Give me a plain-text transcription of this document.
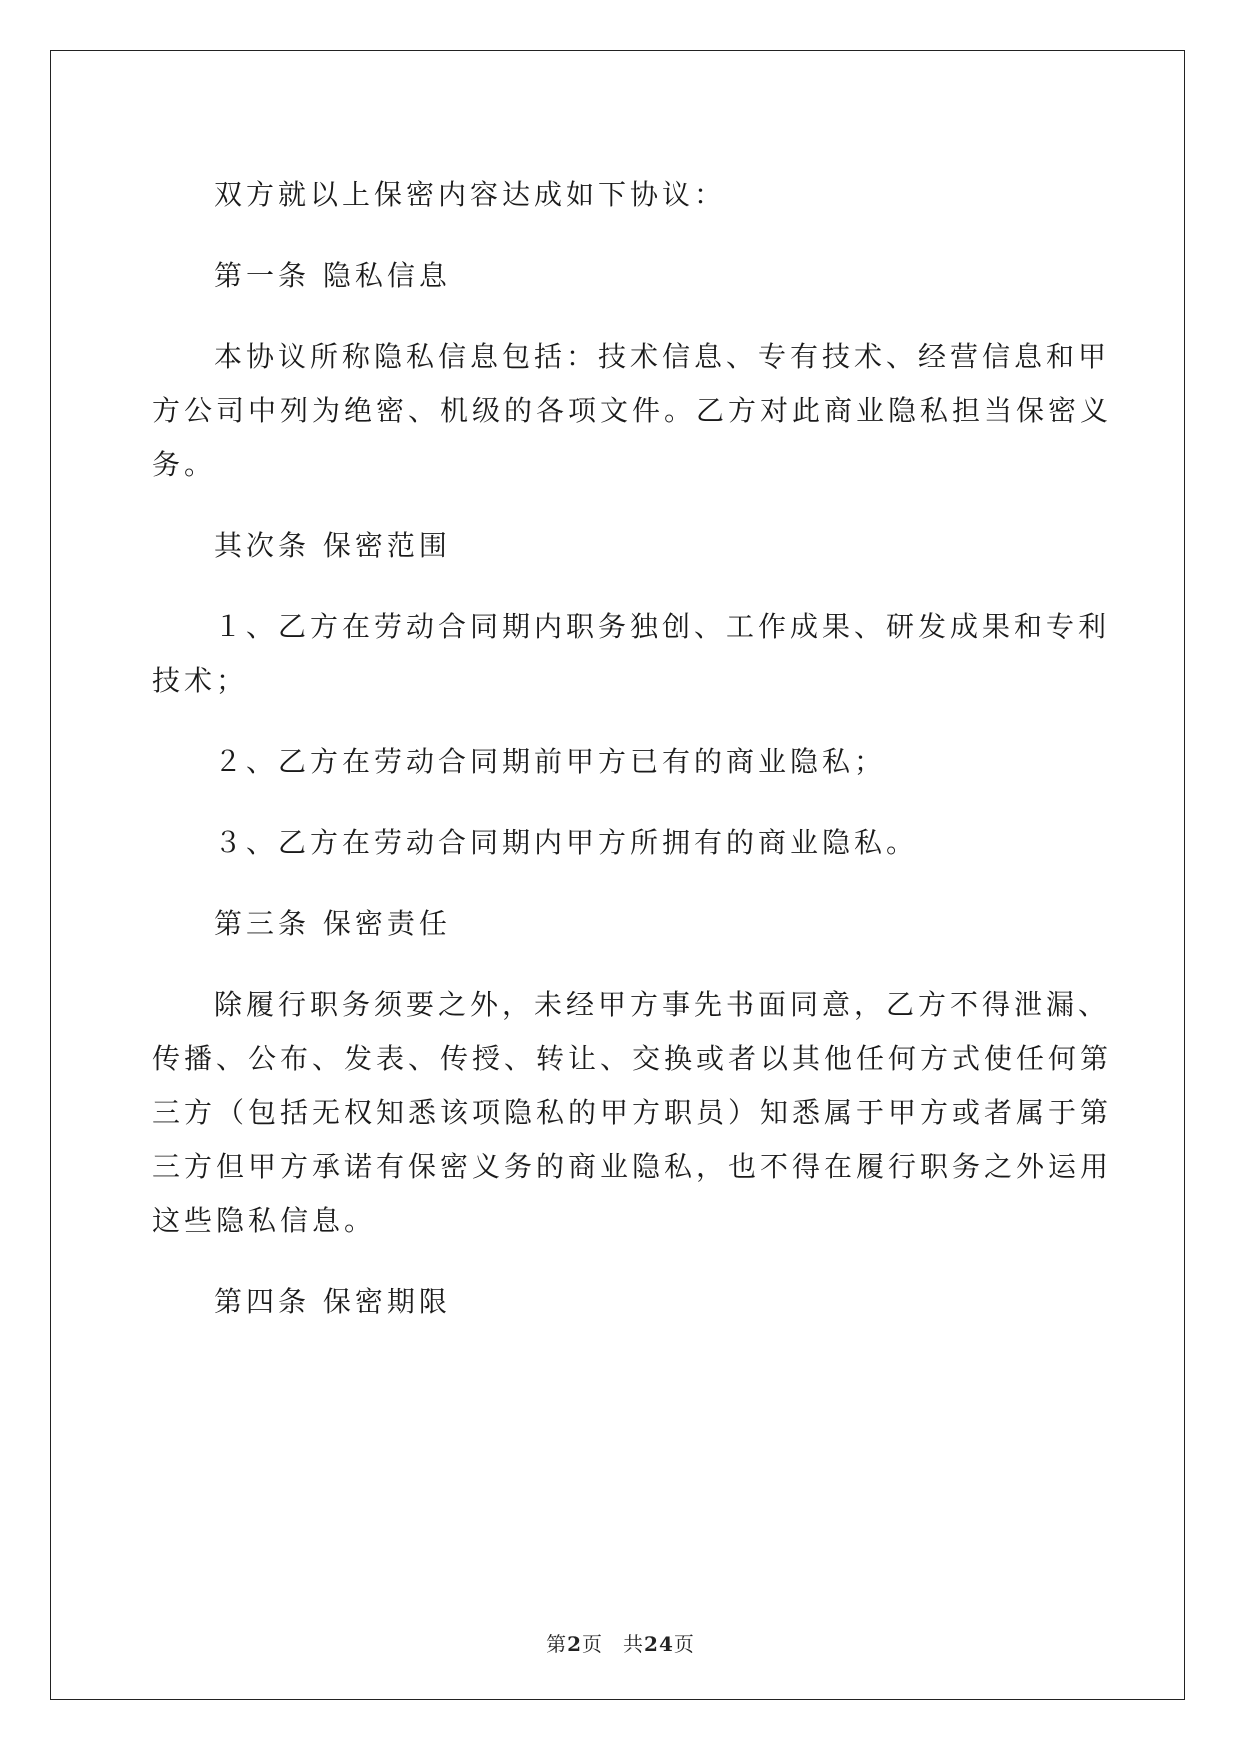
双方就以上保密内容达成如下协议：

第一条 隐私信息

本协议所称隐私信息包括：技术信息、专有技术、经营信息和甲
方公司中列为绝密、机级的各项文件。乙方对此商业隐私担当保密义
务。

其次条 保密范围

１、乙方在劳动合同期内职务独创、工作成果、研发成果和专利
技术；

２、乙方在劳动合同期前甲方已有的商业隐私；

３、乙方在劳动合同期内甲方所拥有的商业隐私。

第三条 保密责任

除履行职务须要之外，未经甲方事先书面同意，乙方不得泄漏、
传播、公布、发表、传授、转让、交换或者以其他任何方式使任何第
三方（包括无权知悉该项隐私的甲方职员）知悉属于甲方或者属于第
三方但甲方承诺有保密义务的商业隐私，也不得在履行职务之外运用
这些隐私信息。

第四条 保密期限

第2页 共24页
